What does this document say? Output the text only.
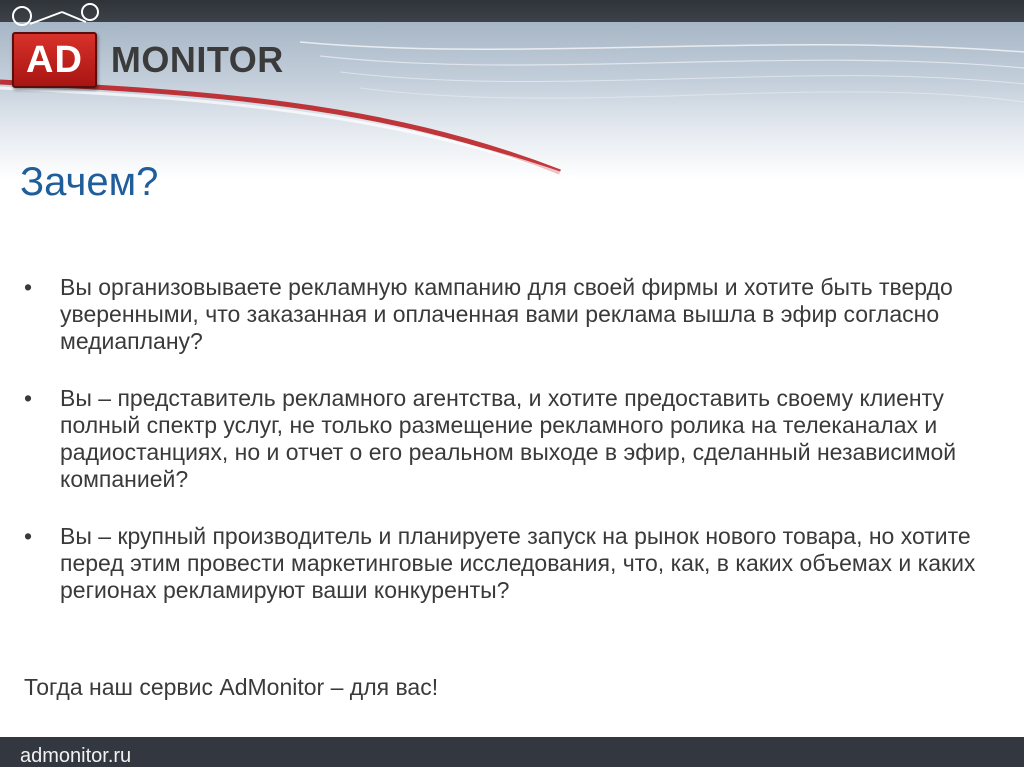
AD MONITOR
Зачем?
• Вы организовываете рекламную кампанию для своей фирмы и хотите быть твердо уверенными, что заказанная и оплаченная вами реклама вышла в эфир согласно медиаплану?
• Вы – представитель рекламного агентства, и хотите предоставить своему клиенту полный спектр услуг, не только размещение рекламного ролика на телеканалах и радиостанциях, но и отчет о его реальном выходе в эфир, сделанный независимой компанией?
• Вы – крупный производитель и планируете запуск на рынок нового товара, но хотите перед этим провести маркетинговые исследования, что, как, в каких объемах и каких регионах рекламируют ваши конкуренты?

Тогда наш сервис AdMonitor – для вас!

admonitor.ru
